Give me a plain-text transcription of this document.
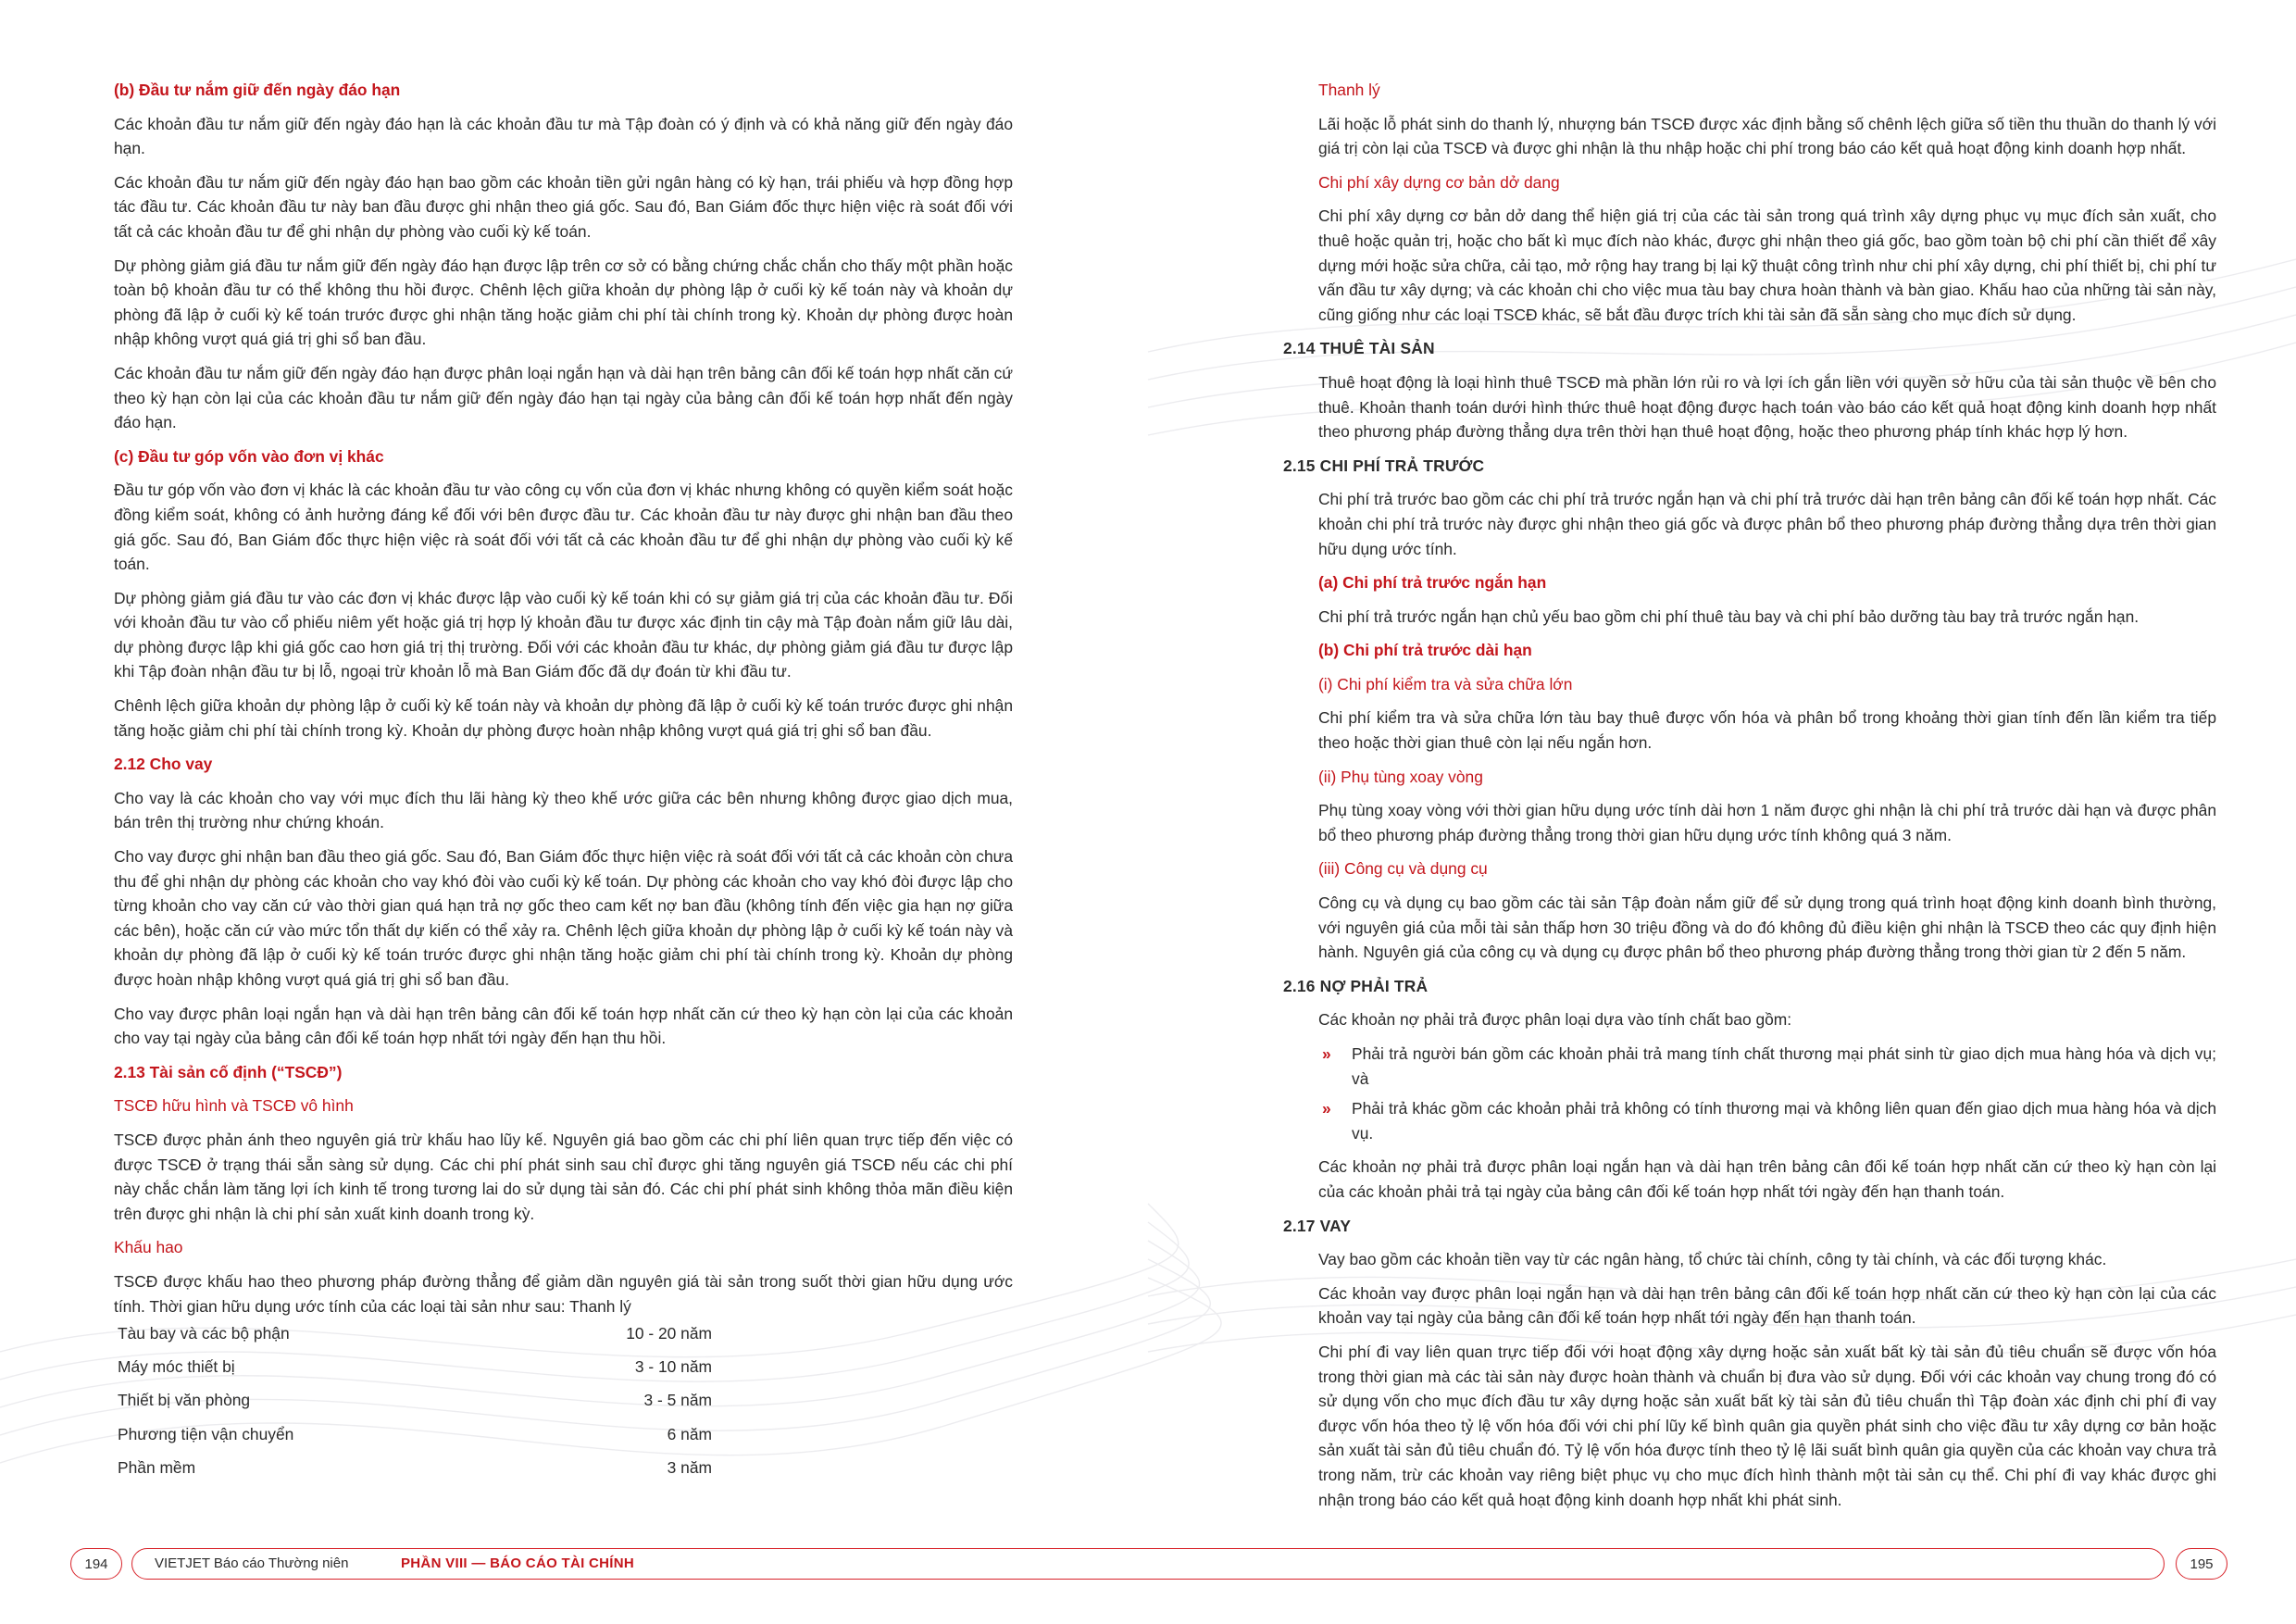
(b) Đầu tư nắm giữ đến ngày đáo hạn

Các khoản đầu tư nắm giữ đến ngày đáo hạn là các khoản đầu tư mà Tập đoàn có ý định và có khả năng giữ đến ngày đáo hạn.

Các khoản đầu tư nắm giữ đến ngày đáo hạn bao gồm các khoản tiền gửi ngân hàng có kỳ hạn, trái phiếu và hợp đồng hợp tác đầu tư. Các khoản đầu tư này ban đầu được ghi nhận theo giá gốc. Sau đó, Ban Giám đốc thực hiện việc rà soát đối với tất cả các khoản đầu tư để ghi nhận dự phòng vào cuối kỳ kế toán.

Dự phòng giảm giá đầu tư nắm giữ đến ngày đáo hạn được lập trên cơ sở có bằng chứng chắc chắn cho thấy một phần hoặc toàn bộ khoản đầu tư có thể không thu hồi được. Chênh lệch giữa khoản dự phòng lập ở cuối kỳ kế toán này và khoản dự phòng đã lập ở cuối kỳ kế toán trước được ghi nhận tăng hoặc giảm chi phí tài chính trong kỳ. Khoản dự phòng được hoàn nhập không vượt quá giá trị ghi sổ ban đầu.

Các khoản đầu tư nắm giữ đến ngày đáo hạn được phân loại ngắn hạn và dài hạn trên bảng cân đối kế toán hợp nhất căn cứ theo kỳ hạn còn lại của các khoản đầu tư nắm giữ đến ngày đáo hạn tại ngày của bảng cân đối kế toán hợp nhất đến ngày đáo hạn.

(c) Đầu tư góp vốn vào đơn vị khác

Đầu tư góp vốn vào đơn vị khác là các khoản đầu tư vào công cụ vốn của đơn vị khác nhưng không có quyền kiểm soát hoặc đồng kiểm soát, không có ảnh hưởng đáng kể đối với bên được đầu tư. Các khoản đầu tư này được ghi nhận ban đầu theo giá gốc. Sau đó, Ban Giám đốc thực hiện việc rà soát đối với tất cả các khoản đầu tư để ghi nhận dự phòng vào cuối kỳ kế toán.

Dự phòng giảm giá đầu tư vào các đơn vị khác được lập vào cuối kỳ kế toán khi có sự giảm giá trị của các khoản đầu tư. Đối với khoản đầu tư vào cổ phiếu niêm yết hoặc giá trị hợp lý khoản đầu tư được xác định tin cậy mà Tập đoàn nắm giữ lâu dài, dự phòng được lập khi giá gốc cao hơn giá trị thị trường. Đối với các khoản đầu tư khác, dự phòng giảm giá đầu tư được lập khi Tập đoàn nhận đầu tư bị lỗ, ngoại trừ khoản lỗ mà Ban Giám đốc đã dự đoán từ khi đầu tư.

Chênh lệch giữa khoản dự phòng lập ở cuối kỳ kế toán này và khoản dự phòng đã lập ở cuối kỳ kế toán trước được ghi nhận tăng hoặc giảm chi phí tài chính trong kỳ. Khoản dự phòng được hoàn nhập không vượt quá giá trị ghi sổ ban đầu.

2.12 Cho vay

Cho vay là các khoản cho vay với mục đích thu lãi hàng kỳ theo khế ước giữa các bên nhưng không được giao dịch mua, bán trên thị trường như chứng khoán.

Cho vay được ghi nhận ban đầu theo giá gốc. Sau đó, Ban Giám đốc thực hiện việc rà soát đối với tất cả các khoản còn chưa thu để ghi nhận dự phòng các khoản cho vay khó đòi vào cuối kỳ kế toán. Dự phòng các khoản cho vay khó đòi được lập cho từng khoản cho vay căn cứ vào thời gian quá hạn trả nợ gốc theo cam kết nợ ban đầu (không tính đến việc gia hạn nợ giữa các bên), hoặc căn cứ vào mức tổn thất dự kiến có thể xảy ra. Chênh lệch giữa khoản dự phòng lập ở cuối kỳ kế toán này và khoản dự phòng đã lập ở cuối kỳ kế toán trước được ghi nhận tăng hoặc giảm chi phí tài chính trong kỳ. Khoản dự phòng được hoàn nhập không vượt quá giá trị ghi sổ ban đầu.

Cho vay được phân loại ngắn hạn và dài hạn trên bảng cân đối kế toán hợp nhất căn cứ theo kỳ hạn còn lại của các khoản cho vay tại ngày của bảng cân đối kế toán hợp nhất tới ngày đến hạn thu hồi.

2.13 Tài sản cố định (“TSCĐ”)

TSCĐ hữu hình và TSCĐ vô hình

TSCĐ được phản ánh theo nguyên giá trừ khấu hao lũy kế. Nguyên giá bao gồm các chi phí liên quan trực tiếp đến việc có được TSCĐ ở trạng thái sẵn sàng sử dụng. Các chi phí phát sinh sau chỉ được ghi tăng nguyên giá TSCĐ nếu các chi phí này chắc chắn làm tăng lợi ích kinh tế trong tương lai do sử dụng tài sản đó. Các chi phí phát sinh không thỏa mãn điều kiện trên được ghi nhận là chi phí sản xuất kinh doanh trong kỳ.

Khấu hao

TSCĐ được khấu hao theo phương pháp đường thẳng để giảm dần nguyên giá tài sản trong suốt thời gian hữu dụng ước tính. Thời gian hữu dụng ước tính của các loại tài sản như sau: Thanh lý

Tàu bay và các bộ phận	10 - 20 năm
Máy móc thiết bị	3 - 10 năm
Thiết bị văn phòng	3 - 5 năm
Phương tiện vận chuyển	6 năm
Phần mềm	3 năm

Thanh lý

Lãi hoặc lỗ phát sinh do thanh lý, nhượng bán TSCĐ được xác định bằng số chênh lệch giữa số tiền thu thuần do thanh lý với giá trị còn lại của TSCĐ và được ghi nhận là thu nhập hoặc chi phí trong báo cáo kết quả hoạt động kinh doanh hợp nhất.

Chi phí xây dựng cơ bản dở dang

Chi phí xây dựng cơ bản dở dang thể hiện giá trị của các tài sản trong quá trình xây dựng phục vụ mục đích sản xuất, cho thuê hoặc quản trị, hoặc cho bất kì mục đích nào khác, được ghi nhận theo giá gốc, bao gồm toàn bộ chi phí cần thiết để xây dựng mới hoặc sửa chữa, cải tạo, mở rộng hay trang bị lại kỹ thuật công trình như chi phí xây dựng, chi phí thiết bị, chi phí tư vấn đầu tư xây dựng; và các khoản chi cho việc mua tàu bay chưa hoàn thành và bàn giao. Khấu hao của những tài sản này, cũng giống như các loại TSCĐ khác, sẽ bắt đầu được trích khi tài sản đã sẵn sàng cho mục đích sử dụng.

2.14 THUÊ TÀI SẢN

Thuê hoạt động là loại hình thuê TSCĐ mà phần lớn rủi ro và lợi ích gắn liền với quyền sở hữu của tài sản thuộc về bên cho thuê. Khoản thanh toán dưới hình thức thuê hoạt động được hạch toán vào báo cáo kết quả hoạt động kinh doanh hợp nhất theo phương pháp đường thẳng dựa trên thời hạn thuê hoạt động, hoặc theo phương pháp tính khác hợp lý hơn.

2.15 CHI PHÍ TRẢ TRƯỚC

Chi phí trả trước bao gồm các chi phí trả trước ngắn hạn và chi phí trả trước dài hạn trên bảng cân đối kế toán hợp nhất. Các khoản chi phí trả trước này được ghi nhận theo giá gốc và được phân bổ theo phương pháp đường thẳng dựa trên thời gian hữu dụng ước tính.

(a) Chi phí trả trước ngắn hạn

Chi phí trả trước ngắn hạn chủ yếu bao gồm chi phí thuê tàu bay và chi phí bảo dưỡng tàu bay trả trước ngắn hạn.

(b) Chi phí trả trước dài hạn

(i) Chi phí kiểm tra và sửa chữa lớn

Chi phí kiểm tra và sửa chữa lớn tàu bay thuê được vốn hóa và phân bổ trong khoảng thời gian tính đến lần kiểm tra tiếp theo hoặc thời gian thuê còn lại nếu ngắn hơn.

(ii) Phụ tùng xoay vòng

Phụ tùng xoay vòng với thời gian hữu dụng ước tính dài hơn 1 năm được ghi nhận là chi phí trả trước dài hạn và được phân bổ theo phương pháp đường thẳng trong thời gian hữu dụng ước tính không quá 3 năm.

(iii) Công cụ và dụng cụ

Công cụ và dụng cụ bao gồm các tài sản Tập đoàn nắm giữ để sử dụng trong quá trình hoạt động kinh doanh bình thường, với nguyên giá của mỗi tài sản thấp hơn 30 triệu đồng và do đó không đủ điều kiện ghi nhận là TSCĐ theo các quy định hiện hành. Nguyên giá của công cụ và dụng cụ được phân bổ theo phương pháp đường thẳng trong thời gian từ 2 đến 5 năm.

2.16 NỢ PHẢI TRẢ

Các khoản nợ phải trả được phân loại dựa vào tính chất bao gồm:

» Phải trả người bán gồm các khoản phải trả mang tính chất thương mại phát sinh từ giao dịch mua hàng hóa và dịch vụ; và
» Phải trả khác gồm các khoản phải trả không có tính thương mại và không liên quan đến giao dịch mua hàng hóa và dịch vụ.

Các khoản nợ phải trả được phân loại ngắn hạn và dài hạn trên bảng cân đối kế toán hợp nhất căn cứ theo kỳ hạn còn lại của các khoản phải trả tại ngày của bảng cân đối kế toán hợp nhất tới ngày đến hạn thanh toán.

2.17 VAY

Vay bao gồm các khoản tiền vay từ các ngân hàng, tổ chức tài chính, công ty tài chính, và các đối tượng khác.

Các khoản vay được phân loại ngắn hạn và dài hạn trên bảng cân đối kế toán hợp nhất căn cứ theo kỳ hạn còn lại của các khoản vay tại ngày của bảng cân đối kế toán hợp nhất tới ngày đến hạn thanh toán.

Chi phí đi vay liên quan trực tiếp đối với hoạt động xây dựng hoặc sản xuất bất kỳ tài sản đủ tiêu chuẩn sẽ được vốn hóa trong thời gian mà các tài sản này được hoàn thành và chuẩn bị đưa vào sử dụng. Đối với các khoản vay chung trong đó có sử dụng vốn cho mục đích đầu tư xây dựng hoặc sản xuất bất kỳ tài sản đủ tiêu chuẩn thì Tập đoàn xác định chi phí đi vay được vốn hóa theo tỷ lệ vốn hóa đối với chi phí lũy kế bình quân gia quyền phát sinh cho việc đầu tư xây dựng cơ bản hoặc sản xuất tài sản đủ tiêu chuẩn đó. Tỷ lệ vốn hóa được tính theo tỷ lệ lãi suất bình quân gia quyền của các khoản vay chưa trả trong năm, trừ các khoản vay riêng biệt phục vụ cho mục đích hình thành một tài sản cụ thể. Chi phí đi vay khác được ghi nhận trong báo cáo kết quả hoạt động kinh doanh hợp nhất khi phát sinh.

194	VIETJET Báo cáo Thường niên	PHẦN VIII — BÁO CÁO TÀI CHÍNH	195
